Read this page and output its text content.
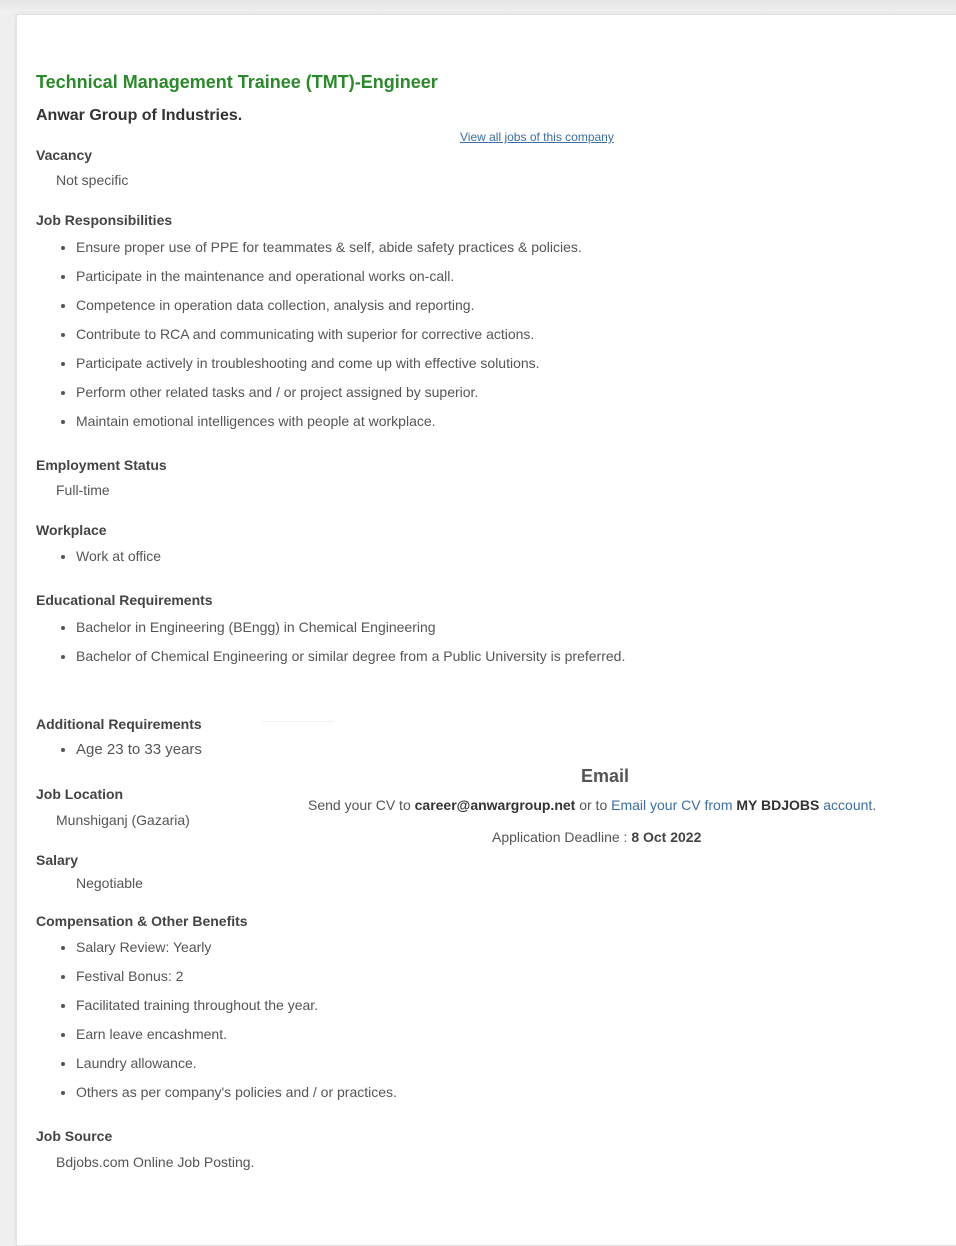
Technical Management Trainee (TMT)-Engineer
Anwar Group of Industries.
View all jobs of this company
Vacancy
Not specific
Job Responsibilities
• Ensure proper use of PPE for teammates & self, abide safety practices & policies.
• Participate in the maintenance and operational works on-call.
• Competence in operation data collection, analysis and reporting.
• Contribute to RCA and communicating with superior for corrective actions.
• Participate actively in troubleshooting and come up with effective solutions.
• Perform other related tasks and / or project assigned by superior.
• Maintain emotional intelligences with people at workplace.
Employment Status
Full-time
Workplace
• Work at office
Educational Requirements
• Bachelor in Engineering (BEngg) in Chemical Engineering
• Bachelor of Chemical Engineering or similar degree from a Public University is preferred.
Additional Requirements
• Age 23 to 33 years
Job Location
Munshiganj (Gazaria)
Salary
Negotiable
Compensation & Other Benefits
• Salary Review: Yearly
• Festival Bonus: 2
• Facilitated training throughout the year.
• Earn leave encashment.
• Laundry allowance.
• Others as per company's policies and / or practices.
Job Source
Bdjobs.com Online Job Posting.
Email
Send your CV to career@anwargroup.net or to Email your CV from MY BDJOBS account.
Application Deadline : 8 Oct 2022
